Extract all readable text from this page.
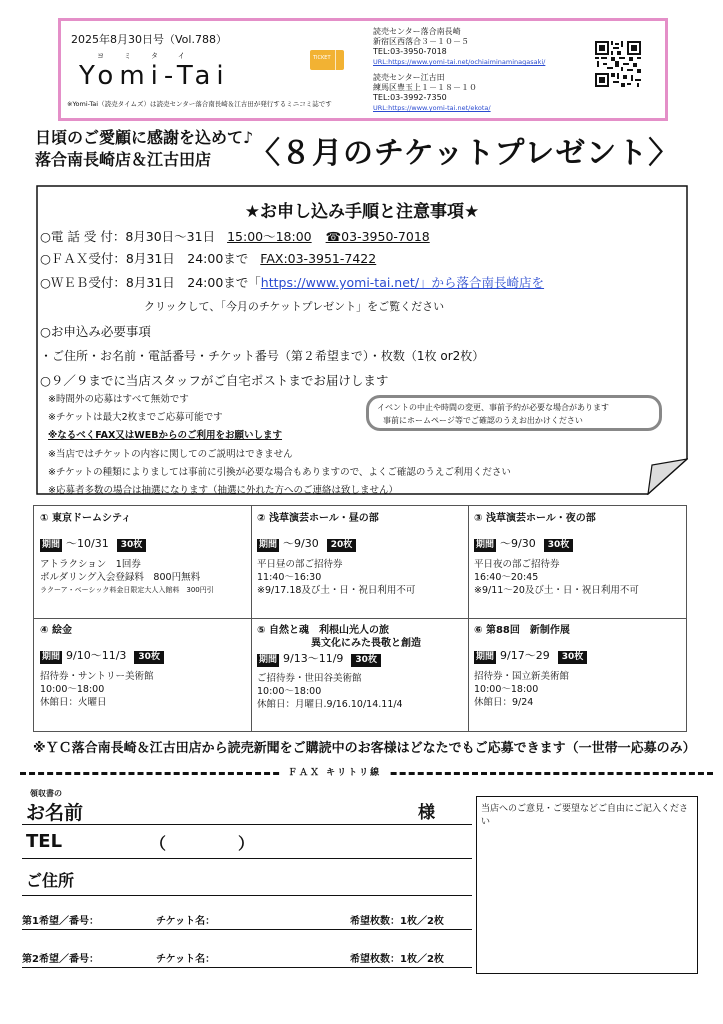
2025年8月30日号（Vol.788）
ヨミタイ
Yomi-Tai
TICKET
※Yomi-Tai（読売タイムズ）は読売センター落合南長崎＆江古田が発行するミニコミ誌です
読売センター落合南長崎
新宿区西落合３－１０－５
TEL:03-3950-7018
URL:https://www.yomi-tai.net/ochiaiminaminagasaki/
読売センター江古田
練馬区豊玉上１－１８－１０
TEL:03-3992-7350
URL:https://www.yomi-tai.net/ekota/
日頃のご愛顧に感謝を込めて♪
落合南長崎店＆江古田店	〈８月のチケットプレゼント〉
★お申し込み手順と注意事項★
○電 話 受 付：8月30日～31日 15:00～18:00 ☎03-3950-7018
○ＦＡＸ受付：8月31日　24:00まで FAX:03-3951-7422
○ＷＥＢ受付：8月31日　24:00まで「https://www.yomi-tai.net/」から落合南長崎店を
クリックして、「今月のチケットプレゼント」をご覧ください
○お申込み必要事項
・ご住所・お名前・電話番号・チケット番号（第２希望まで）・枚数（1枚 or2枚）
○９／９までに当店スタッフがご自宅ポストまでお届けします
※時間外の応募はすべて無効です
※チケットは最大2枚までご応募可能です
※なるべくFAX又はWEBからのご利用をお願いします
※当店ではチケットの内容に関してのご説明はできません
※チケットの種類によりましては事前に引換が必要な場合もありますので、よくご確認のうえご利用ください
※応募者多数の場合は抽選になります（抽選に外れた方へのご連絡は致しません）
イベントの中止や時間の変更、事前予約が必要な場合があります
事前にホームページ等でご確認のうえお出かけください
① 東京ドームシティ
期間 ～10/31 30枚
アトラクション　1回券
ボルダリング入会登録料　800円無料
ラクーア・ベーシック料金日限定大人入館料　300円引
② 浅草演芸ホール・昼の部
期間 ～9/30 20枚
平日昼の部ご招待券
11:40～16:30
※9/17.18及び土・日・祝日利用不可
③ 浅草演芸ホール・夜の部
期間 ～9/30 30枚
平日夜の部ご招待券
16:40～20:45
※9/11～20及び土・日・祝日利用不可
④ 絵金
期間 9/10～11/3 30枚
招待券・サントリー美術館
10:00～18:00
休館日：火曜日
⑤ 自然と魂　利根山光人の旅
異文化にみた畏敬と創造
期間 9/13～11/9 30枚
ご招待券・世田谷美術館
10:00～18:00
休館日：月曜日.9/16.10/14.11/4
⑥ 第88回　新制作展
期間 9/17～29 30枚
招待券・国立新美術館
10:00～18:00
休館日：9/24
※ＹＣ落合南長崎＆江古田店から読売新聞をご購読中のお客様はどなたでもご応募できます（一世帯一応募のみ）
ＦＡＸ キリトリ線
領収書の
お名前	様
TEL	（	）
ご住所
第1希望／番号：	チケット名：	希望枚数：1枚／2枚
第2希望／番号：	チケット名：	希望枚数：1枚／2枚
当店へのご意見・ご要望などご自由にご記入ください
